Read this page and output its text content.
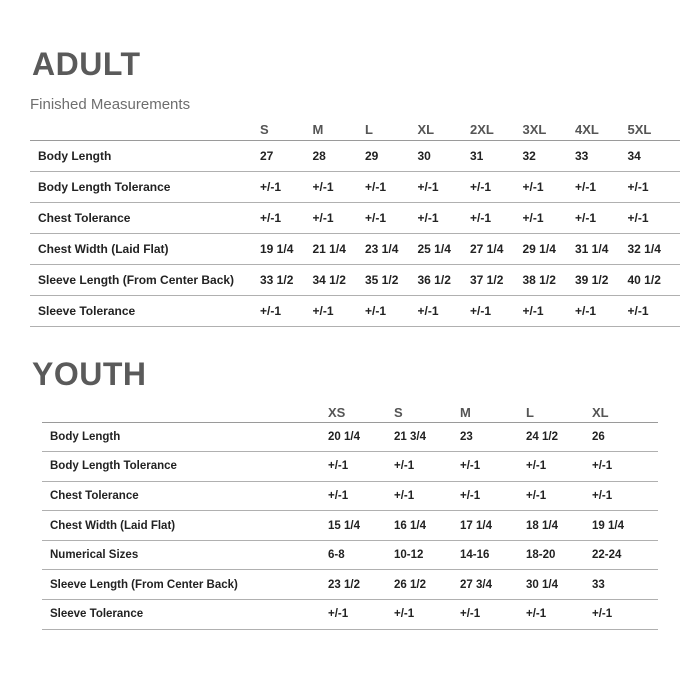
ADULT

Finished Measurements

	S	M	L	XL	2XL	3XL	4XL	5XL
Body Length	27	28	29	30	31	32	33	34
Body Length Tolerance	+/-1	+/-1	+/-1	+/-1	+/-1	+/-1	+/-1	+/-1
Chest Tolerance	+/-1	+/-1	+/-1	+/-1	+/-1	+/-1	+/-1	+/-1
Chest Width (Laid Flat)	19 1/4	21 1/4	23 1/4	25 1/4	27 1/4	29 1/4	31 1/4	32 1/4
Sleeve Length (From Center Back)	33 1/2	34 1/2	35 1/2	36 1/2	37 1/2	38 1/2	39 1/2	40 1/2
Sleeve Tolerance	+/-1	+/-1	+/-1	+/-1	+/-1	+/-1	+/-1	+/-1
YOUTH
	XS	S	M	L	XL
Body Length	20 1/4	21 3/4	23	24 1/2	26
Body Length Tolerance	+/-1	+/-1	+/-1	+/-1	+/-1
Chest Tolerance	+/-1	+/-1	+/-1	+/-1	+/-1
Chest Width (Laid Flat)	15 1/4	16 1/4	17 1/4	18 1/4	19 1/4
Numerical Sizes	6-8	10-12	14-16	18-20	22-24
Sleeve Length (From Center Back)	23 1/2	26 1/2	27 3/4	30 1/4	33
Sleeve Tolerance	+/-1	+/-1	+/-1	+/-1	+/-1
